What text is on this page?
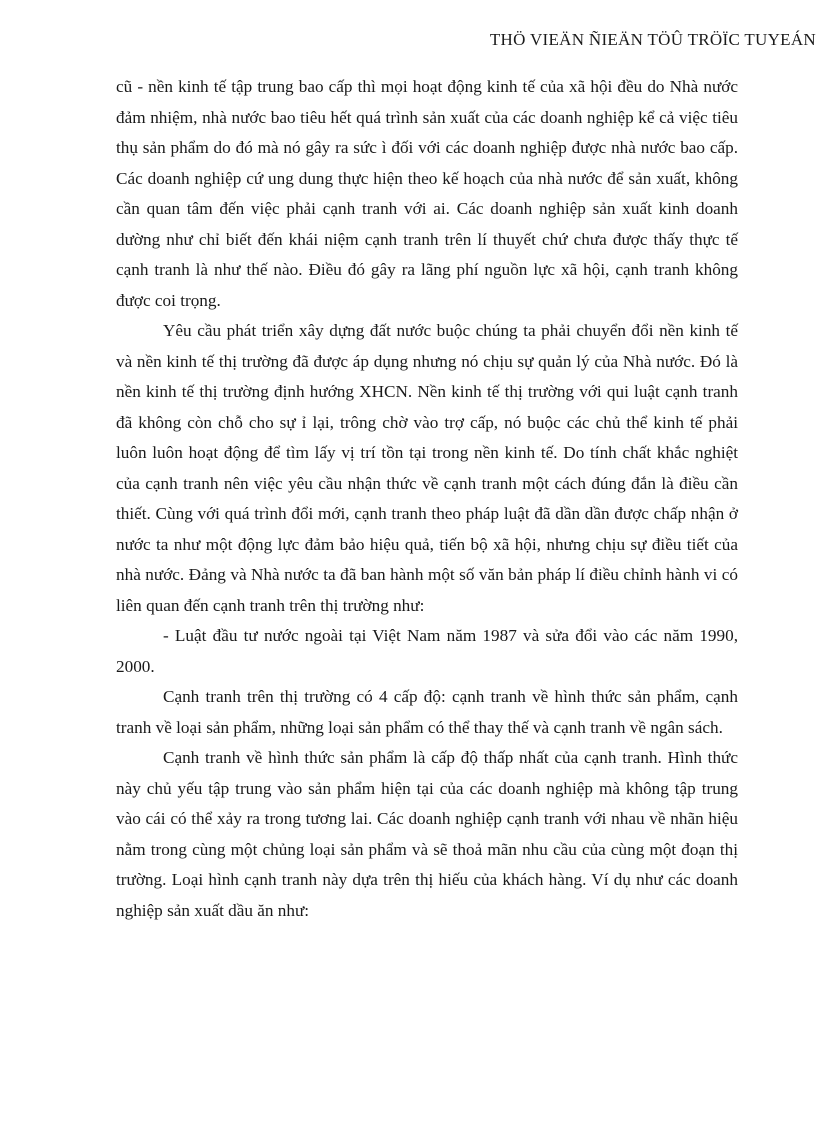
THÖ VIEÄN ÑIEÄN TÖÛ TRÖÏC TUYEÁN

cũ - nền kinh tế tập trung bao cấp thì mọi hoạt động kinh tế của xã hội đều do Nhà nước đảm nhiệm, nhà nước bao tiêu hết quá trình sản xuất của các doanh nghiệp kể cả việc tiêu thụ sản phẩm do đó mà nó gây ra sức ì đối với các doanh nghiệp được nhà nước bao cấp. Các doanh nghiệp cứ ung dung thực hiện theo kế hoạch của nhà nước để sản xuất, không cần quan tâm đến việc phải cạnh tranh với ai. Các doanh nghiệp sản xuất kinh doanh dường như chỉ biết đến khái niệm cạnh tranh trên lí thuyết chứ chưa được thấy thực tế cạnh tranh là như thế nào. Điều đó gây ra lãng phí nguồn lực xã hội, cạnh tranh không được coi trọng.

Yêu cầu phát triển xây dựng đất nước buộc chúng ta phải chuyển đổi nền kinh tế và nền kinh tế thị trường đã được áp dụng nhưng nó chịu sự quản lý của Nhà nước. Đó là nền kinh tế thị trường định hướng XHCN. Nền kinh tế thị trường với qui luật cạnh tranh đã không còn chỗ cho sự ỉ lại, trông chờ vào trợ cấp, nó buộc các chủ thể kinh tế phải luôn luôn hoạt động để tìm lấy vị trí tồn tại trong nền kinh tế. Do tính chất khắc nghiệt của cạnh tranh nên việc yêu cầu nhận thức về cạnh tranh một cách đúng đắn là điều cần thiết. Cùng với quá trình đổi mới, cạnh tranh theo pháp luật đã dần dần được chấp nhận ở nước ta như một động lực đảm bảo hiệu quả, tiến bộ xã hội, nhưng chịu sự điều tiết của nhà nước. Đảng và Nhà nước ta đã ban hành một số văn bản pháp lí điều chỉnh hành vi có liên quan đến cạnh tranh trên thị trường như:

- Luật đầu tư nước ngoài tại Việt Nam năm 1987 và sửa đổi vào các năm 1990, 2000.

Cạnh tranh trên thị trường có 4 cấp độ: cạnh tranh về hình thức sản phẩm, cạnh tranh về loại sản phẩm, những loại sản phẩm có thể thay thế và cạnh tranh về ngân sách.

Cạnh tranh về hình thức sản phẩm là cấp độ thấp nhất của cạnh tranh. Hình thức này chủ yếu tập trung vào sản phẩm hiện tại của các doanh nghiệp mà không tập trung vào cái có thể xảy ra trong tương lai. Các doanh nghiệp cạnh tranh với nhau về nhãn hiệu nằm trong cùng một chủng loại sản phẩm và sẽ thoả mãn nhu cầu của cùng một đoạn thị trường. Loại hình cạnh tranh này dựa trên thị hiếu của khách hàng. Ví dụ như các doanh nghiệp sản xuất dầu ăn như:
